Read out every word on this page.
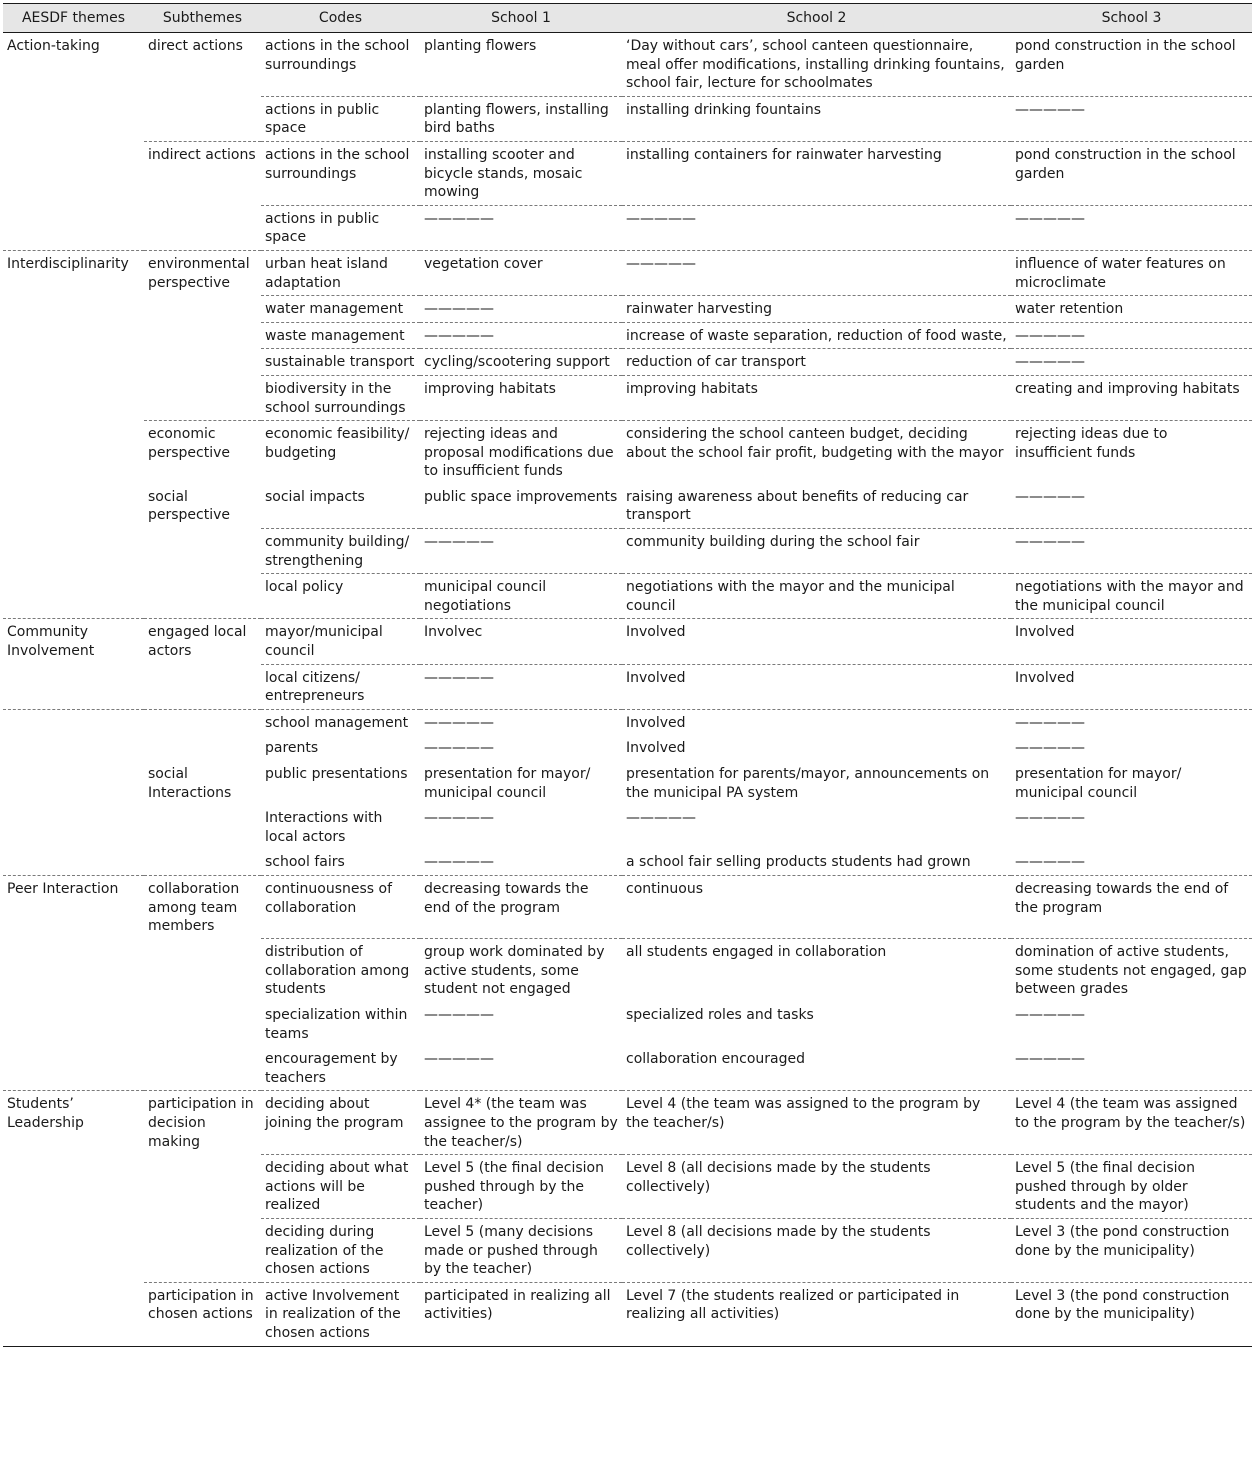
AESDF themes	Subthemes	Codes	School 1	School 2	School 3
Action-taking	direct actions	actions in the school surroundings	planting flowers	‘Day without cars’, school canteen questionnaire, meal offer modifications, installing drinking fountains, school fair, lecture for schoolmates	pond construction in the school garden
		actions in public space	planting flowers, installing bird baths	installing drinking fountains	—————
	indirect actions	actions in the school surroundings	installing scooter and bicycle stands, mosaic mowing	installing containers for rainwater harvesting	pond construction in the school garden
		actions in public space	—————	—————	—————
Interdisciplinarity	environmental perspective	urban heat island adaptation	vegetation cover	—————	influence of water features on microclimate
		water management	—————	rainwater harvesting	water retention
		waste management	—————	increase of waste separation, reduction of food waste,	—————
		sustainable transport	cycling/scootering support	reduction of car transport	—————
		biodiversity in the school surroundings	improving habitats	improving habitats	creating and improving habitats
	economic perspective	economic feasibility/ budgeting	rejecting ideas and proposal modifications due to insufficient funds	considering the school canteen budget, deciding about the school fair profit, budgeting with the mayor	rejecting ideas due to insufficient funds
	social perspective	social impacts	public space improvements	raising awareness about benefits of reducing car transport	—————
		community building/ strengthening	—————	community building during the school fair	—————
		local policy	municipal council negotiations	negotiations with the mayor and the municipal council	negotiations with the mayor and the municipal council
Community Involvement	engaged local actors	mayor/municipal council	Involvec	Involved	Involved
		local citizens/ entrepreneurs	—————	Involved	Involved
		school management	—————	Involved	—————
		parents	—————	Involved	—————
	social Interactions	public presentations	presentation for mayor/ municipal council	presentation for parents/mayor, announcements on the municipal PA system	presentation for mayor/ municipal council
		Interactions with local actors	—————	—————	—————
		school fairs	—————	a school fair selling products students had grown	—————
Peer Interaction	collaboration among team members	continuousness of collaboration	decreasing towards the end of the program	continuous	decreasing towards the end of the program
		distribution of collaboration among students	group work dominated by active students, some student not engaged	all students engaged in collaboration	domination of active students, some students not engaged, gap between grades
		specialization within teams	—————	specialized roles and tasks	—————
		encouragement by teachers	—————	collaboration encouraged	—————
Students’ Leadership	participation in decision making	deciding about joining the program	Level 4* (the team was assignee to the program by the teacher/s)	Level 4 (the team was assigned to the program by the teacher/s)	Level 4 (the team was assigned to the program by the teacher/s)
		deciding about what actions will be realized	Level 5 (the final decision pushed through by the teacher)	Level 8 (all decisions made by the students collectively)	Level 5 (the final decision pushed through by older students and the mayor)
		deciding during realization of the chosen actions	Level 5 (many decisions made or pushed through by the teacher)	Level 8 (all decisions made by the students collectively)	Level 3 (the pond construction done by the municipality)
	participation in chosen actions	active Involvement in realization of the chosen actions	participated in realizing all activities)	Level 7 (the students realized or participated in realizing all activities)	Level 3 (the pond construction done by the municipality)
